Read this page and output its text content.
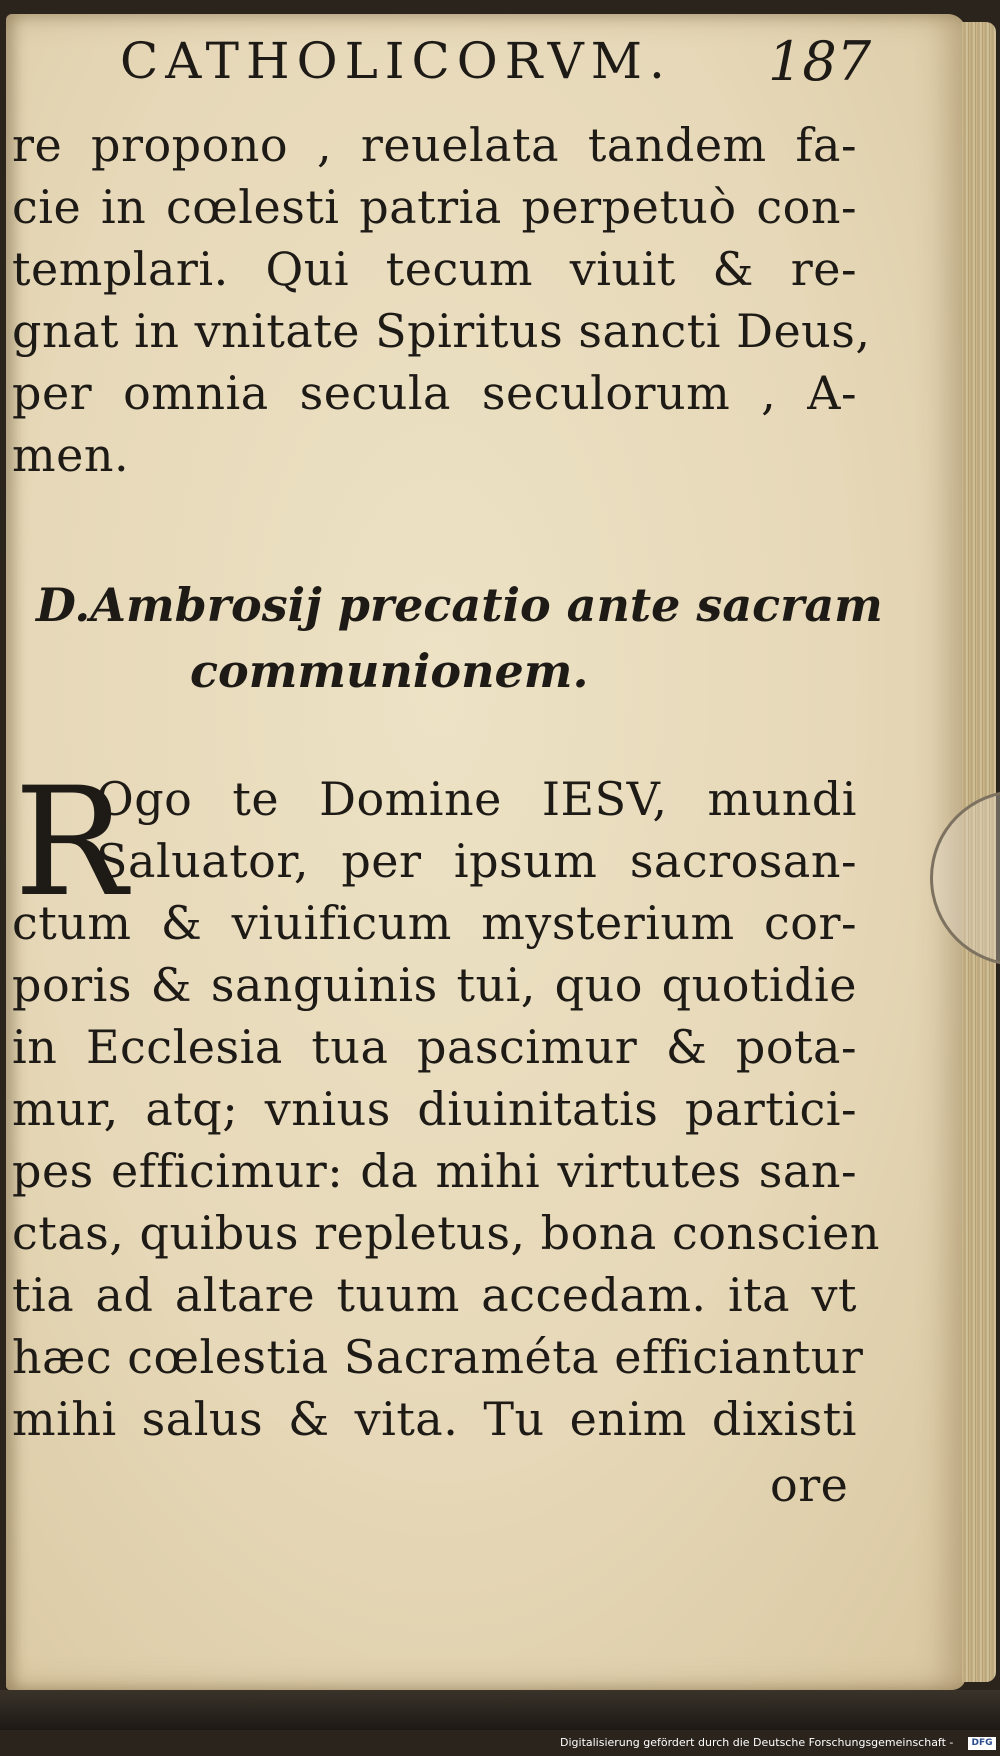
CATHOLICORVM. 187
re propono , reuelata tandem fa-
cie in cœlesti patria perpetuò con-
templari. Qui tecum viuit & re-
gnat in vnitate Spiritus sancti Deus,
per omnia secula seculorum , A-
men.
D.Ambrosij precatio ante sacram
communionem.
R
Ogo te Domine IESV, mundi
Saluator, per ipsum sacrosan-
ctum & viuificum mysterium cor-
poris & sanguinis tui, quo quotidie
in Ecclesia tua pascimur & pota-
mur, atq; vnius diuinitatis partici-
pes efficimur: da mihi virtutes san-
ctas, quibus repletus, bona conscien
tia ad altare tuum accedam. ita vt
hæc cœlestia Sacraméta efficiantur
mihi salus & vita. Tu enim dixisti
ore
Digitalisierung gefördert durch die Deutsche Forschungsgemeinschaft -	DFG
